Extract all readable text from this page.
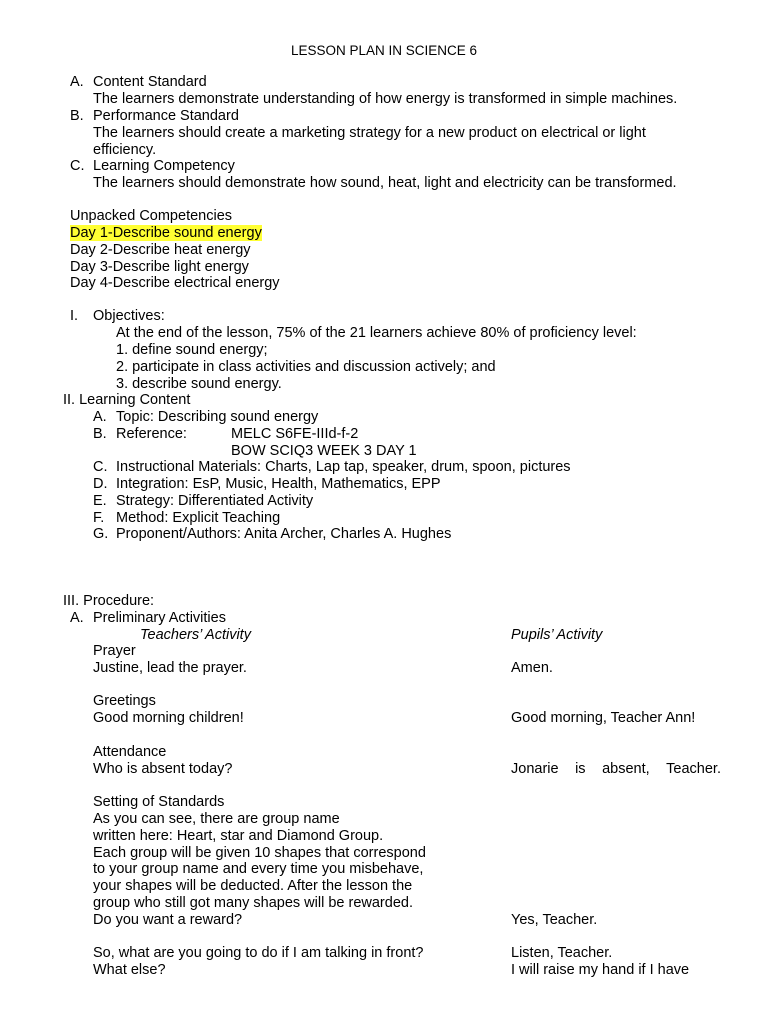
LESSON PLAN IN SCIENCE 6
A. Content Standard
The learners demonstrate understanding of how energy is transformed in simple machines.
B. Performance Standard
The learners should create a marketing strategy for a new product on electrical or light
efficiency.
C. Learning Competency
The learners should demonstrate how sound, heat, light and electricity can be transformed.
Unpacked Competencies
Day 1-Describe sound energy
Day 2-Describe heat energy
Day 3-Describe light energy
Day 4-Describe electrical energy
I. Objectives:
At the end of the lesson, 75% of the 21 learners achieve 80% of proficiency level:
1. define sound energy;
2. participate in class activities and discussion actively; and
3. describe sound energy.
II. Learning Content
A. Topic: Describing sound energy
B. Reference:	MELC S6FE-IIId-f-2
BOW SCIQ3 WEEK 3 DAY 1
C. Instructional Materials: Charts, Lap tap, speaker, drum, spoon, pictures
D. Integration: EsP, Music, Health, Mathematics, EPP
E. Strategy: Differentiated Activity
F. Method: Explicit Teaching
G. Proponent/Authors: Anita Archer, Charles A. Hughes
III. Procedure:
A. Preliminary Activities
Teachers’ Activity	Pupils’ Activity
Prayer
Justine, lead the prayer.	Amen.
Greetings
Good morning children!	Good morning, Teacher Ann!
Attendance
Who is absent today?	Jonarie is absent, Teacher.
Setting of Standards
As you can see, there are group name
written here: Heart, star and Diamond Group.
Each group will be given 10 shapes that correspond
to your group name and every time you misbehave,
your shapes will be deducted. After the lesson the
group who still got many shapes will be rewarded.
Do you want a reward?	Yes, Teacher.
So, what are you going to do if I am talking in front?	Listen, Teacher.
What else?	I will raise my hand if I have
